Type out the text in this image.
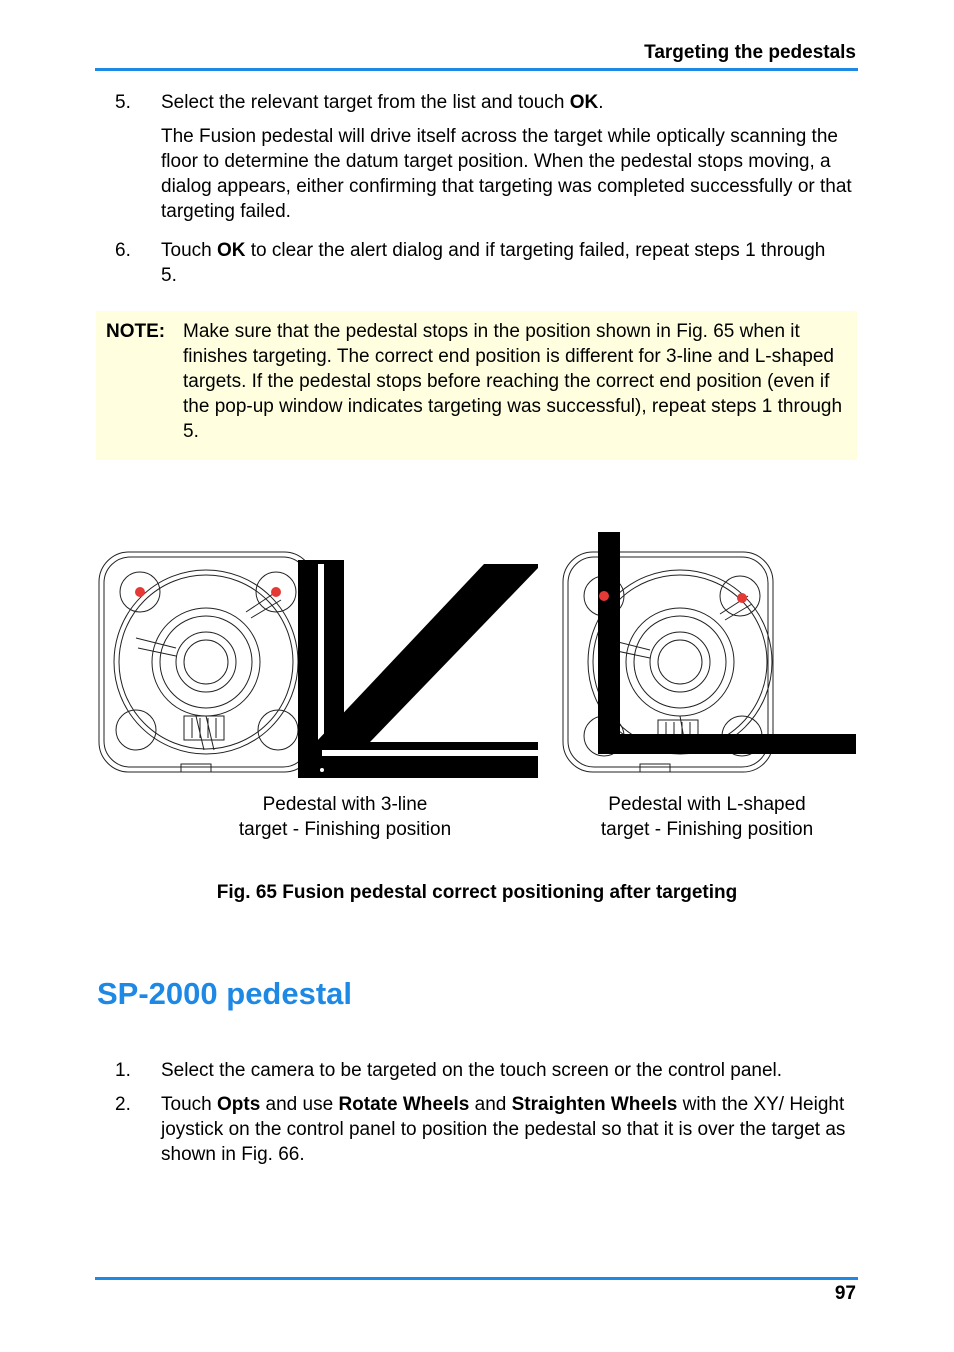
Targeting the pedestals
5. Select the relevant target from the list and touch OK.
The Fusion pedestal will drive itself across the target while optically scanning the floor to determine the datum target position. When the pedestal stops moving, a dialog appears, either confirming that targeting was completed successfully or that targeting failed.
6. Touch OK to clear the alert dialog and if targeting failed, repeat steps 1 through 5.
NOTE: Make sure that the pedestal stops in the position shown in Fig. 65 when it finishes targeting. The correct end position is different for 3-line and L-shaped targets. If the pedestal stops before reaching the correct end position (even if the pop-up window indicates targeting was successful), repeat steps 1 through 5.
Pedestal with 3-line
target - Finishing position
Pedestal with L-shaped
target - Finishing position
Fig. 65 Fusion pedestal correct positioning after targeting
SP-2000 pedestal
1. Select the camera to be targeted on the touch screen or the control panel.
2. Touch Opts and use Rotate Wheels and Straighten Wheels with the XY/ Height joystick on the control panel to position the pedestal so that it is over the target as shown in Fig. 66.
97
